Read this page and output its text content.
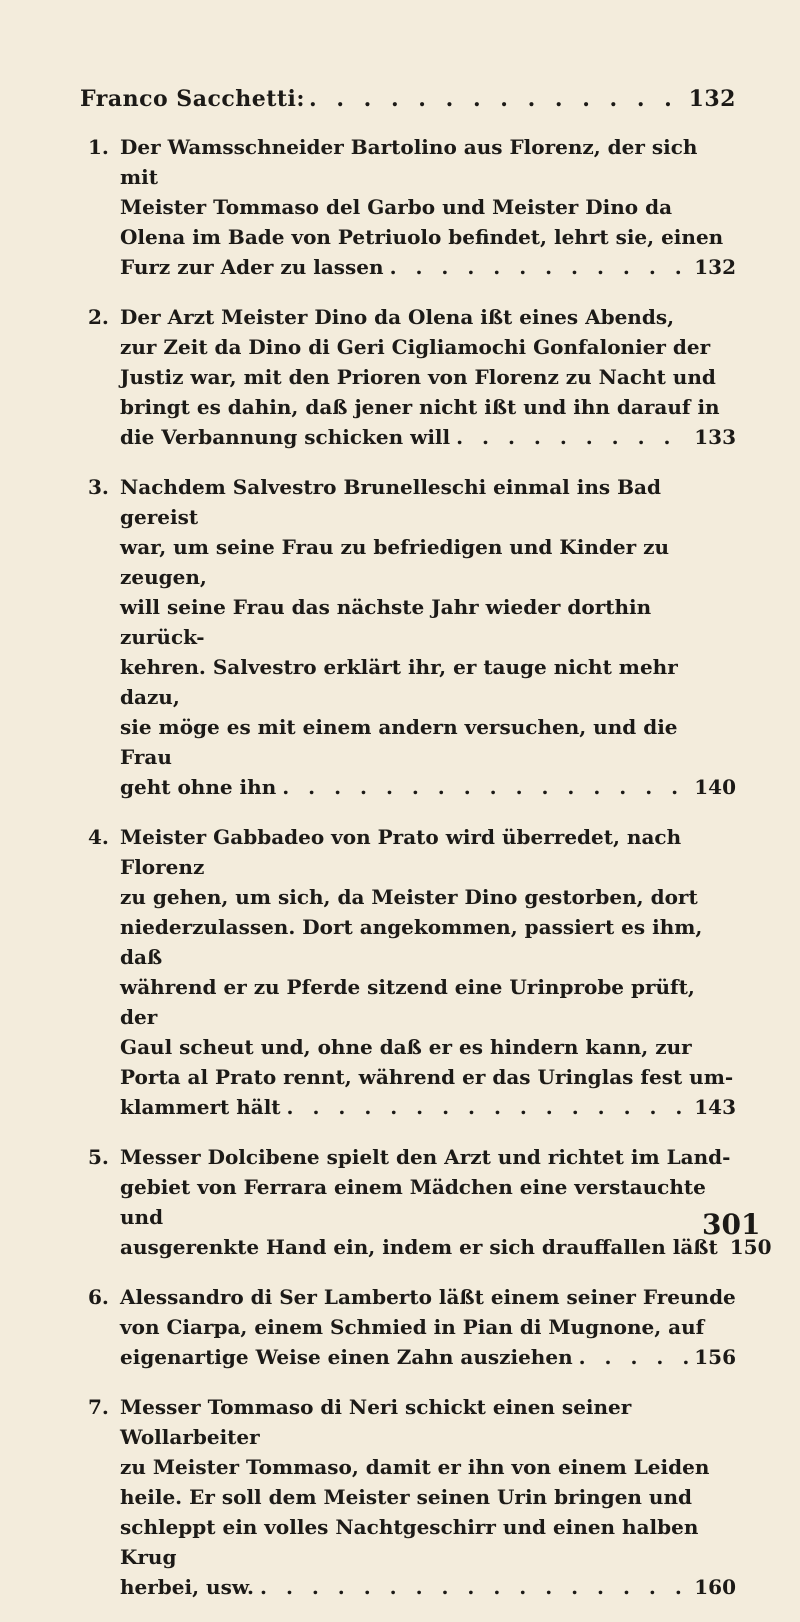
Franco Sacchetti: . . .	132
1. Der Wamsschneider Bartolino aus Florenz, der sich mit
Meister Tommaso del Garbo und Meister Dino da
Olena im Bade von Petriuolo befindet, lehrt sie, einen
Furz zur Ader zu lassen . . .	132
2. Der Arzt Meister Dino da Olena ißt eines Abends,
zur Zeit da Dino di Geri Cigliamochi Gonfalonier der
Justiz war, mit den Prioren von Florenz zu Nacht und
bringt es dahin, daß jener nicht ißt und ihn darauf in
die Verbannung schicken will . . .	133
3. Nachdem Salvestro Brunelleschi einmal ins Bad gereist
war, um seine Frau zu befriedigen und Kinder zu zeugen,
will seine Frau das nächste Jahr wieder dorthin zurück-
kehren. Salvestro erklärt ihr, er tauge nicht mehr dazu,
sie möge es mit einem andern versuchen, und die Frau
geht ohne ihn . . .	140
4. Meister Gabbadeo von Prato wird überredet, nach Florenz
zu gehen, um sich, da Meister Dino gestorben, dort
niederzulassen. Dort angekommen, passiert es ihm, daß
während er zu Pferde sitzend eine Urinprobe prüft, der
Gaul scheut und, ohne daß er es hindern kann, zur
Porta al Prato rennt, während er das Uringlas fest um-
klammert hält . . .	143
5. Messer Dolcibene spielt den Arzt und richtet im Land-
gebiet von Ferrara einem Mädchen eine verstauchte und
ausgerenkte Hand ein, indem er sich drauffallen läßt 150
6. Alessandro di Ser Lamberto läßt einem seiner Freunde
von Ciarpa, einem Schmied in Pian di Mugnone, auf
eigenartige Weise einen Zahn ausziehen . . .	156
7. Messer Tommaso di Neri schickt einen seiner Wollarbeiter
zu Meister Tommaso, damit er ihn von einem Leiden
heile. Er soll dem Meister seinen Urin bringen und
schleppt ein volles Nachtgeschirr und einen halben Krug
herbei, usw. . . .	160
301
